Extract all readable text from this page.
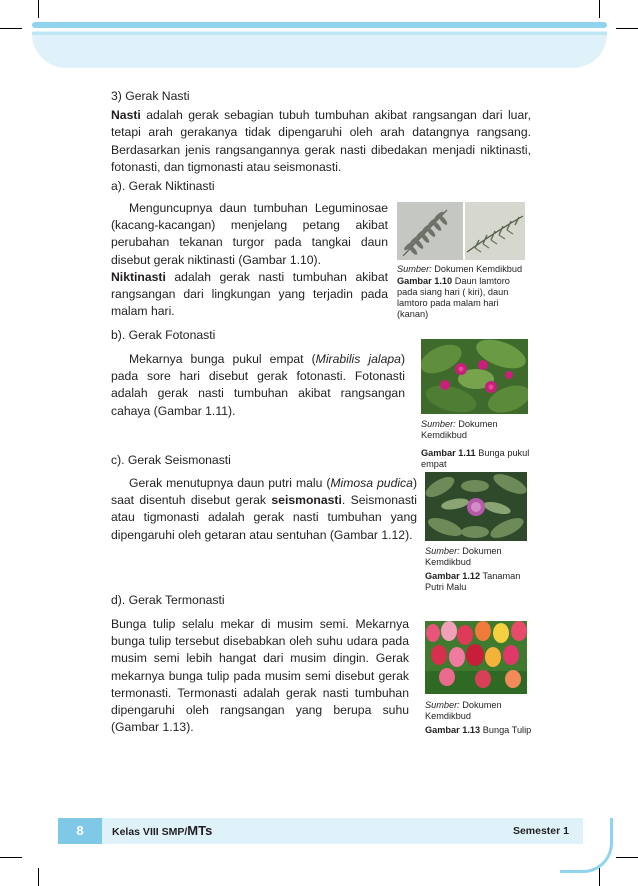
3) Gerak Nasti

Nasti adalah gerak sebagian tubuh tumbuhan akibat rangsangan dari luar, tetapi arah gerakanya tidak dipengaruhi oleh arah datangnya rangsang. Berdasarkan jenis rangsangannya gerak nasti dibedakan menjadi niktinasti, fotonasti, dan tigmonasti atau seismonasti.

a). Gerak Niktinasti

Menguncupnya daun tumbuhan Leguminosae (kacang-kacangan) menjelang petang akibat perubahan tekanan turgor pada tangkai daun disebut gerak niktinasti (Gambar 1.10).

Niktinasti adalah gerak nasti tumbuhan akibat rangsangan dari lingkungan yang terjadin pada malam hari.

Sumber: Dokumen Kemdikbud
Gambar 1.10 Daun lamtoro pada siang hari ( kiri), daun lamtoro pada malam hari (kanan)

b). Gerak Fotonasti

Mekarnya bunga pukul empat (Mirabilis jalapa) pada sore hari disebut gerak fotonasti. Fotonasti adalah gerak nasti tumbuhan akibat rangsangan cahaya (Gambar 1.11).

Sumber: Dokumen Kemdikbud
Gambar 1.11 Bunga pukul empat

c). Gerak Seismonasti

Gerak menutupnya daun putri malu (Mimosa pudica) saat disentuh disebut gerak seismonasti. Seismonasti atau tigmonasti adalah gerak nasti tumbuhan yang dipengaruhi oleh getaran atau sentuhan (Gambar 1.12).

Sumber: Dokumen Kemdikbud
Gambar 1.12 Tanaman Putri Malu

d). Gerak Termonasti

Bunga tulip selalu mekar di musim semi. Mekarnya bunga tulip tersebut disebabkan oleh suhu udara pada musim semi lebih hangat dari musim dingin. Gerak mekarnya bunga tulip pada musim semi disebut gerak termonasti. Termonasti adalah gerak nasti tumbuhan dipengaruhi oleh rangsangan yang berupa suhu (Gambar 1.13).

Sumber: Dokumen Kemdikbud
Gambar 1.13 Bunga Tulip
8	Kelas VIII SMP/MTs	Semester 1
